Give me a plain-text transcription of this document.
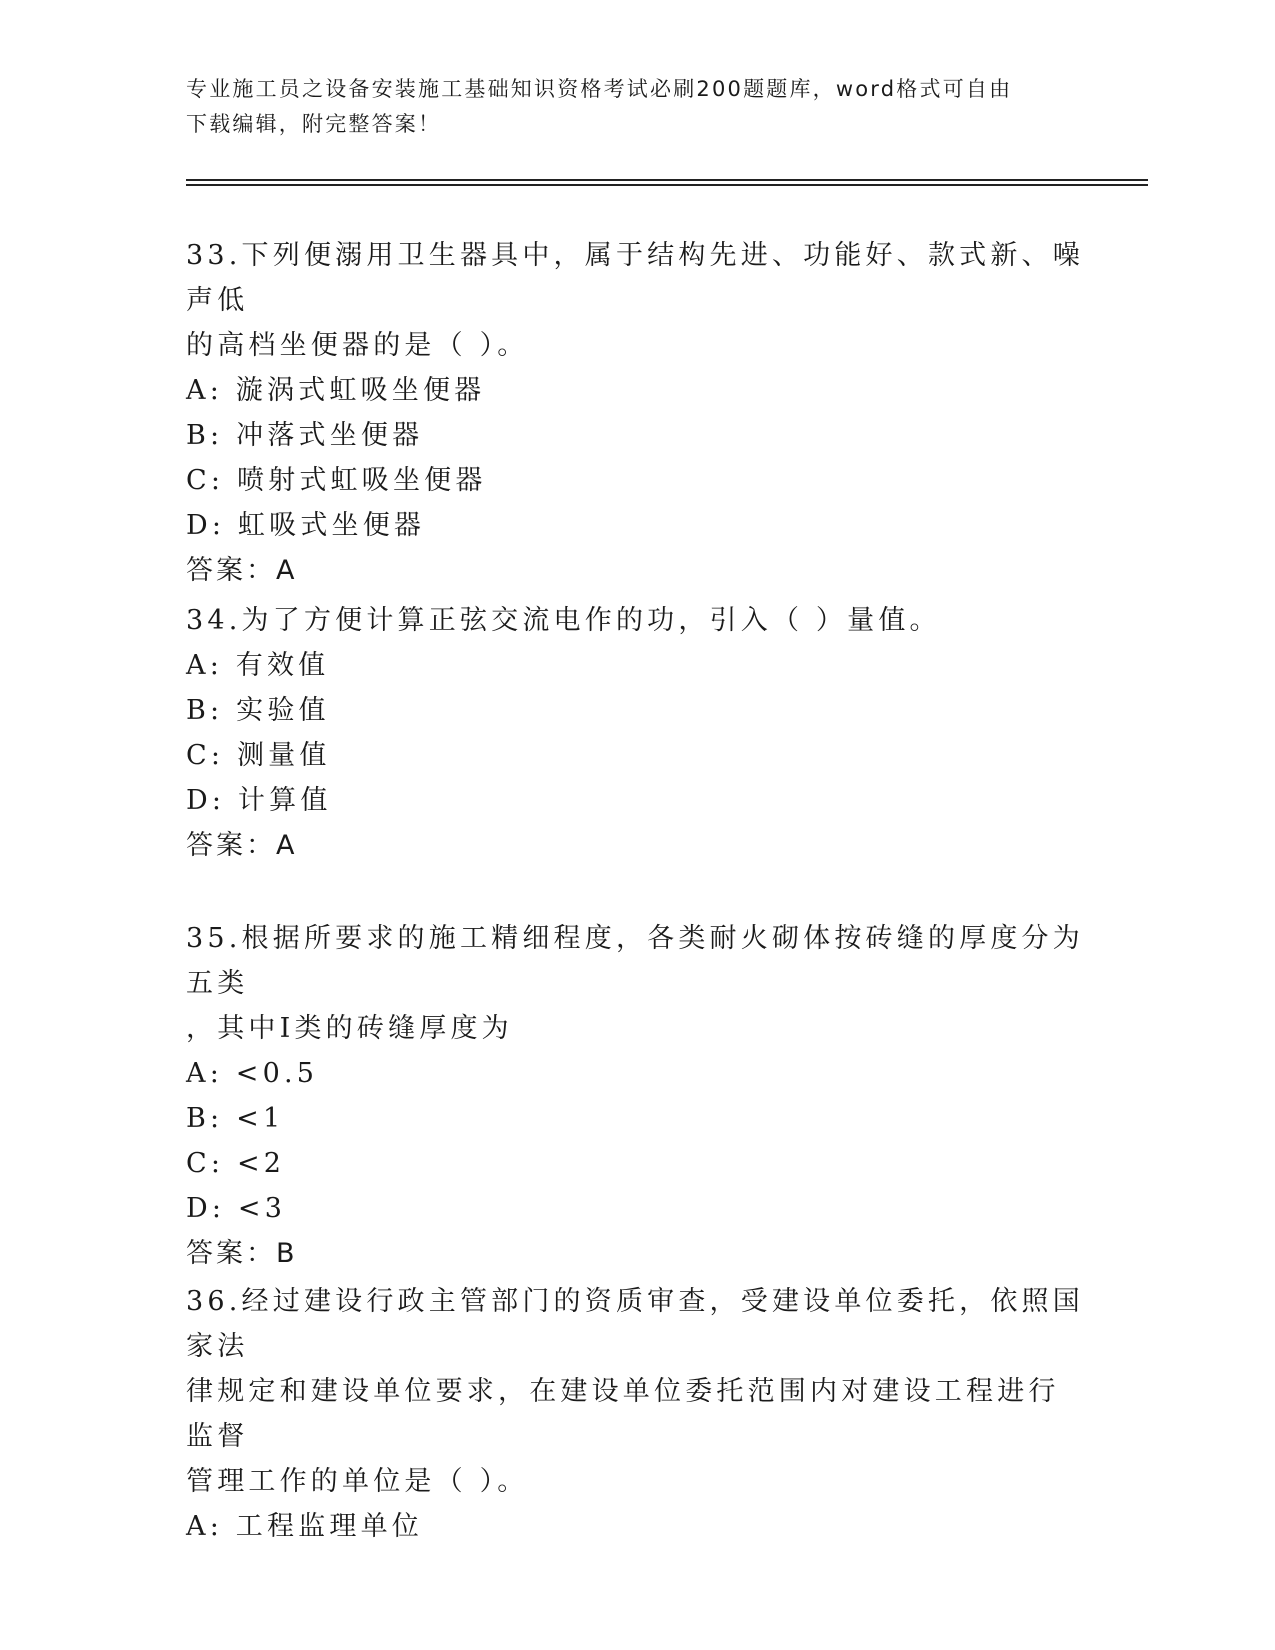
专业施工员之设备安装施工基础知识资格考试必刷200题题库，word格式可自由
下载编辑，附完整答案！
33.下列便溺用卫生器具中，属于结构先进、功能好、款式新、噪声低
的高档坐便器的是（ ）。
A: 漩涡式虹吸坐便器
B: 冲落式坐便器
C: 喷射式虹吸坐便器
D: 虹吸式坐便器
答案：A
34.为了方便计算正弦交流电作的功，引入（ ）量值。
A: 有效值
B: 实验值
C: 测量值
D: 计算值
答案：A
35.根据所要求的施工精细程度，各类耐火砌体按砖缝的厚度分为五类
，其中Ⅰ类的砖缝厚度为
A: <0.5
B: <1
C: <2
D: <3
答案：B
36.经过建设行政主管部门的资质审查，受建设单位委托，依照国家法
律规定和建设单位要求，在建设单位委托范围内对建设工程进行监督
管理工作的单位是（ ）。
A: 工程监理单位
